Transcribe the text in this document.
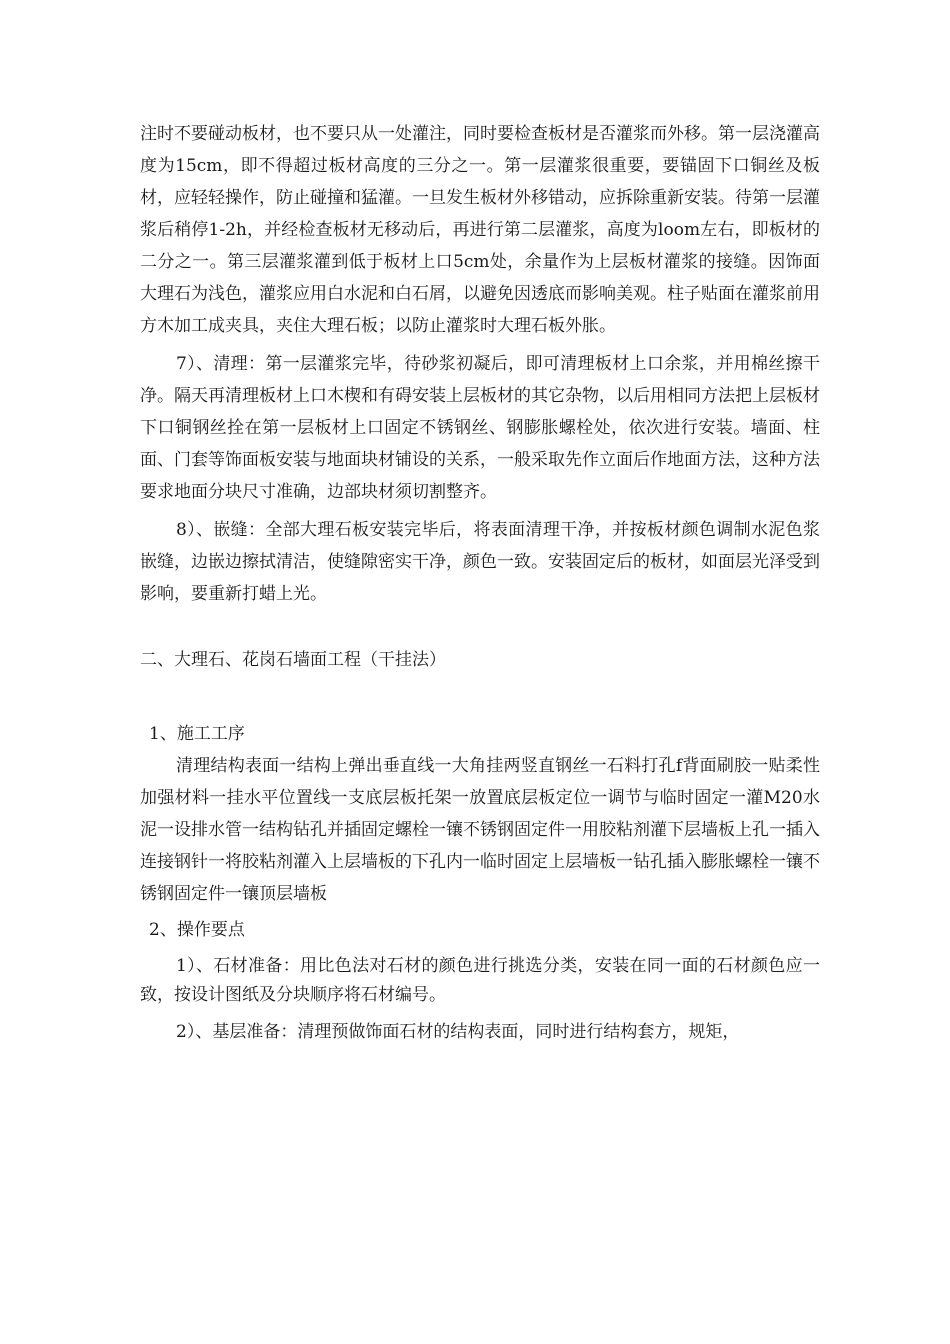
注时不要碰动板材，也不要只从一处灌注，同时要检查板材是否灌浆而外移。第一层浇灌高度为15cm，即不得超过板材高度的三分之一。第一层灌浆很重要，要锚固下口铜丝及板材，应轻轻操作，防止碰撞和猛灌。一旦发生板材外移错动，应拆除重新安装。待第一层灌浆后稍停1-2h，并经检查板材无移动后，再进行第二层灌浆，高度为loom左右，即板材的二分之一。第三层灌浆灌到低于板材上口5cm处，余量作为上层板材灌浆的接缝。因饰面大理石为浅色，灌浆应用白水泥和白石屑，以避免因透底而影响美观。柱子贴面在灌浆前用方木加工成夹具，夹住大理石板；以防止灌浆时大理石板外胀。

7）、清理：第一层灌浆完毕，待砂浆初凝后，即可清理板材上口余浆，并用棉丝擦干净。隔天再清理板材上口木楔和有碍安装上层板材的其它杂物，以后用相同方法把上层板材下口铜钢丝拴在第一层板材上口固定不锈钢丝、钢膨胀螺栓处，依次进行安装。墙面、柱面、门套等饰面板安装与地面块材铺设的关系，一般采取先作立面后作地面方法，这种方法要求地面分块尺寸准确，边部块材须切割整齐。

8）、嵌缝：全部大理石板安装完毕后，将表面清理干净，并按板材颜色调制水泥色浆嵌缝，边嵌边擦拭清洁，使缝隙密实干净，颜色一致。安装固定后的板材，如面层光泽受到影响，要重新打蜡上光。

二、大理石、花岗石墙面工程（干挂法）

1、施工工序

清理结构表面一结构上弹出垂直线一大角挂两竖直钢丝一石料打孔f背面刷胶一贴柔性加强材料一挂水平位置线一支底层板托架一放置底层板定位一调节与临时固定一灌M20水泥一设排水管一结构钻孔并插固定螺栓一镶不锈钢固定件一用胶粘剂灌下层墙板上孔一插入连接钢针一将胶粘剂灌入上层墙板的下孔内一临时固定上层墙板一钻孔插入膨胀螺栓一镶不锈钢固定件一镶顶层墙板

2、操作要点

1）、石材准备：用比色法对石材的颜色进行挑选分类，安装在同一面的石材颜色应一致，按设计图纸及分块顺序将石材编号。

2）、基层准备：清理预做饰面石材的结构表面，同时进行结构套方，规矩，
